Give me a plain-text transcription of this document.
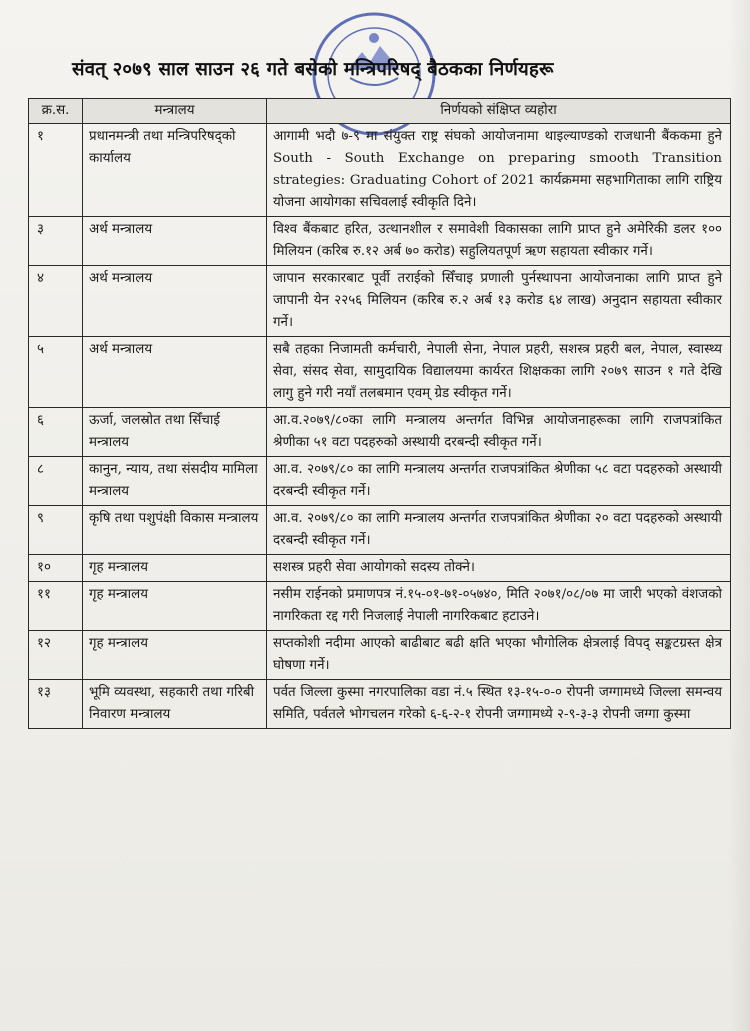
संवत् २०७९ साल साउन २६ गते बसेको मन्त्रिपरिषद् बैठकका निर्णयहरू
क्र.स.	मन्त्रालय	निर्णयको संक्षिप्त व्यहोरा
१	प्रधानमन्त्री तथा मन्त्रिपरिषद्को कार्यालय	आगामी भदौ ७-९ मा संयुक्त राष्ट्र संघको आयोजनामा थाइल्याण्डको राजधानी बैंककमा हुने South - South Exchange on preparing smooth Transition strategies: Graduating Cohort of 2021 कार्यक्रममा सहभागिताका लागि राष्ट्रिय योजना आयोगका सचिवलाई स्वीकृति दिने।
३	अर्थ मन्त्रालय	विश्व बैंकबाट हरित, उत्थानशील र समावेशी विकासका लागि प्राप्त हुने अमेरिकी डलर १०० मिलियन (करिब रु.१२ अर्ब ७० करोड) सहुलियतपूर्ण ऋण सहायता स्वीकार गर्ने।
४	अर्थ मन्त्रालय	जापान सरकारबाट पूर्वी तराईको सिँचाइ प्रणाली पुर्नस्थापना आयोजनाका लागि प्राप्त हुने जापानी येन २२५६ मिलियन (करिब रु.२ अर्ब १३ करोड ६४ लाख) अनुदान सहायता स्वीकार गर्ने।
५	अर्थ मन्त्रालय	सबै तहका निजामती कर्मचारी, नेपाली सेना, नेपाल प्रहरी, सशस्त्र प्रहरी बल, नेपाल, स्वास्थ्य सेवा, संसद सेवा, सामुदायिक विद्यालयमा कार्यरत शिक्षकका लागि २०७९ साउन १ गते देखि लागु हुने गरी नयाँ तलबमान एवम् ग्रेड स्वीकृत गर्ने।
६	ऊर्जा, जलस्रोत तथा सिँचाई मन्त्रालय	आ.व.२०७९/८०का लागि मन्त्रालय अन्तर्गत विभिन्न आयोजनाहरूका लागि राजपत्रांकित श्रेणीका ५१ वटा पदहरुको अस्थायी दरबन्दी स्वीकृत गर्ने।
८	कानुन, न्याय, तथा संसदीय मामिला मन्त्रालय	आ.व. २०७९/८० का लागि मन्त्रालय अन्तर्गत राजपत्रांकित श्रेणीका ५८ वटा पदहरुको अस्थायी दरबन्दी स्वीकृत गर्ने।
९	कृषि तथा पशुपंक्षी विकास मन्त्रालय	आ.व. २०७९/८० का लागि मन्त्रालय अन्तर्गत राजपत्रांकित श्रेणीका २० वटा पदहरुको अस्थायी दरबन्दी स्वीकृत गर्ने।
१०	गृह मन्त्रालय	सशस्त्र प्रहरी सेवा आयोगको सदस्य तोक्ने।
११	गृह मन्त्रालय	नसीम राईनको प्रमाणपत्र नं.१५-०१-७१-०५७४०, मिति २०७१/०८/०७ मा जारी भएको वंशजको नागरिकता रद्द गरी निजलाई नेपाली नागरिकबाट हटाउने।
१२	गृह मन्त्रालय	सप्तकोशी नदीमा आएको बाढीबाट बढी क्षति भएका भौगोलिक क्षेत्रलाई विपद् सङ्कटग्रस्त क्षेत्र घोषणा गर्ने।
१३	भूमि व्यवस्था, सहकारी तथा गरिबी निवारण मन्त्रालय	पर्वत जिल्ला कुस्मा नगरपालिका वडा नं.५ स्थित १३-१५-०-० रोपनी जग्गामध्ये जिल्ला समन्वय समिति, पर्वतले भोगचलन गरेको ६-६-२-१ रोपनी जग्गामध्ये २-९-३-३ रोपनी जग्गा कुस्मा
